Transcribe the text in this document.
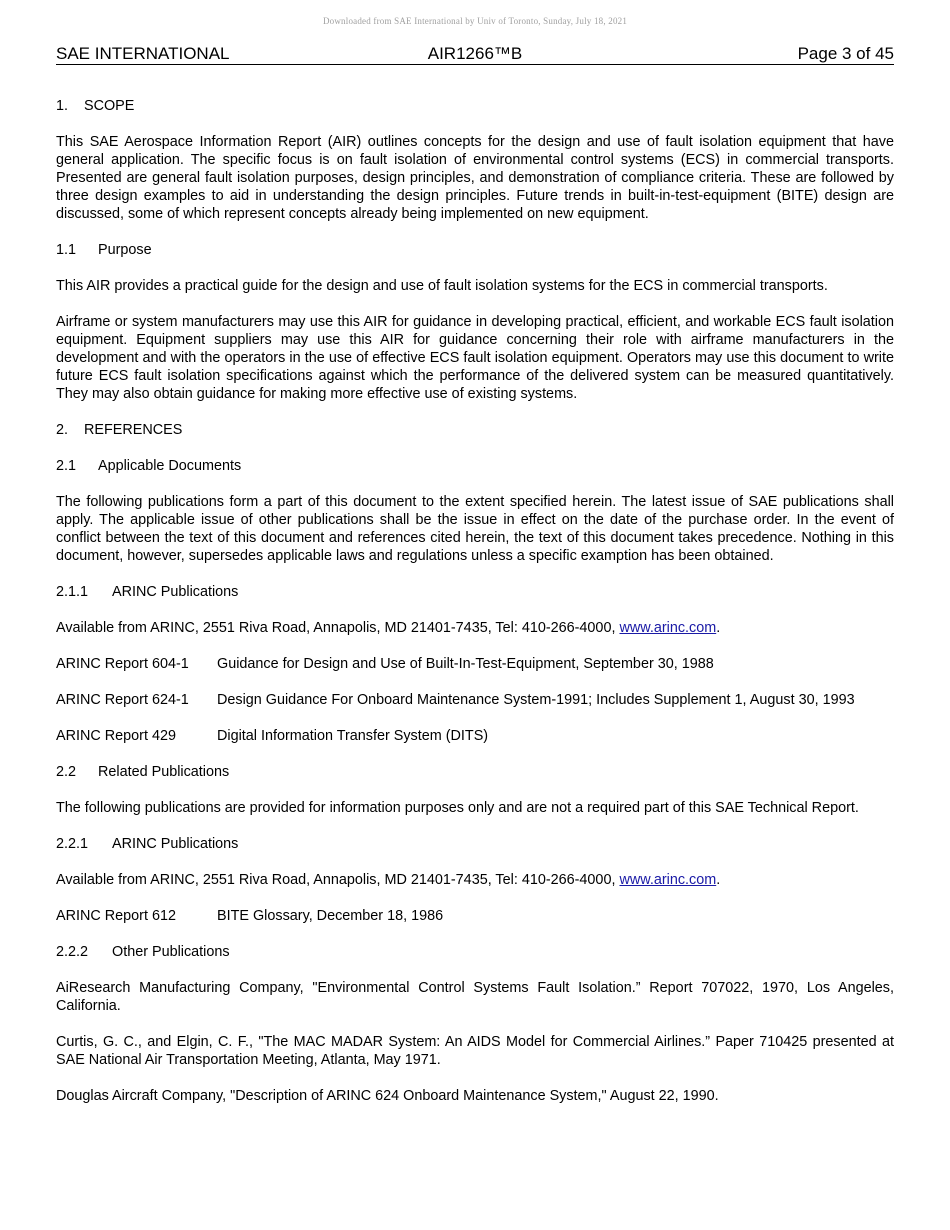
Downloaded from SAE International by Univ of Toronto, Sunday, July 18, 2021
AIR1266™B
SAE INTERNATIONAL	Page 3 of 45
1. SCOPE

This SAE Aerospace Information Report (AIR) outlines concepts for the design and use of fault isolation equipment that have general application. The specific focus is on fault isolation of environmental control systems (ECS) in commercial transports. Presented are general fault isolation purposes, design principles, and demonstration of compliance criteria. These are followed by three design examples to aid in understanding the design principles. Future trends in built-in-test-equipment (BITE) design are discussed, some of which represent concepts already being implemented on new equipment.

1.1 Purpose

This AIR provides a practical guide for the design and use of fault isolation systems for the ECS in commercial transports.

Airframe or system manufacturers may use this AIR for guidance in developing practical, efficient, and workable ECS fault isolation equipment. Equipment suppliers may use this AIR for guidance concerning their role with airframe manufacturers in the development and with the operators in the use of effective ECS fault isolation equipment. Operators may use this document to write future ECS fault isolation specifications against which the performance of the delivered system can be measured quantitatively. They may also obtain guidance for making more effective use of existing systems.

2. REFERENCES
2.1 Applicable Documents

The following publications form a part of this document to the extent specified herein. The latest issue of SAE publications shall apply. The applicable issue of other publications shall be the issue in effect on the date of the purchase order. In the event of conflict between the text of this document and references cited herein, the text of this document takes precedence. Nothing in this document, however, supersedes applicable laws and regulations unless a specific examption has been obtained.

2.1.1 ARINC Publications

Available from ARINC, 2551 Riva Road, Annapolis, MD 21401-7435, Tel: 410-266-4000, www.arinc.com.

ARINC Report 604-1 Guidance for Design and Use of Built-In-Test-Equipment, September 30, 1988
ARINC Report 624-1 Design Guidance For Onboard Maintenance System-1991; Includes Supplement 1, August 30, 1993
ARINC Report 429	Digital Information Transfer System (DITS)
2.2 Related Publications

The following publications are provided for information purposes only and are not a required part of this SAE Technical Report.

2.2.1 ARINC Publications

Available from ARINC, 2551 Riva Road, Annapolis, MD 21401-7435, Tel: 410-266-4000, www.arinc.com.

ARINC Report 612	BITE Glossary, December 18, 1986
2.2.2 Other Publications

AiResearch Manufacturing Company, "Environmental Control Systems Fault Isolation.” Report 707022, 1970, Los Angeles, California.

Curtis, G. C., and Elgin, C. F., "The MAC MADAR System: An AIDS Model for Commercial Airlines.” Paper 710425 presented at SAE National Air Transportation Meeting, Atlanta, May 1971.

Douglas Aircraft Company, "Description of ARINC 624 Onboard Maintenance System," August 22, 1990.
